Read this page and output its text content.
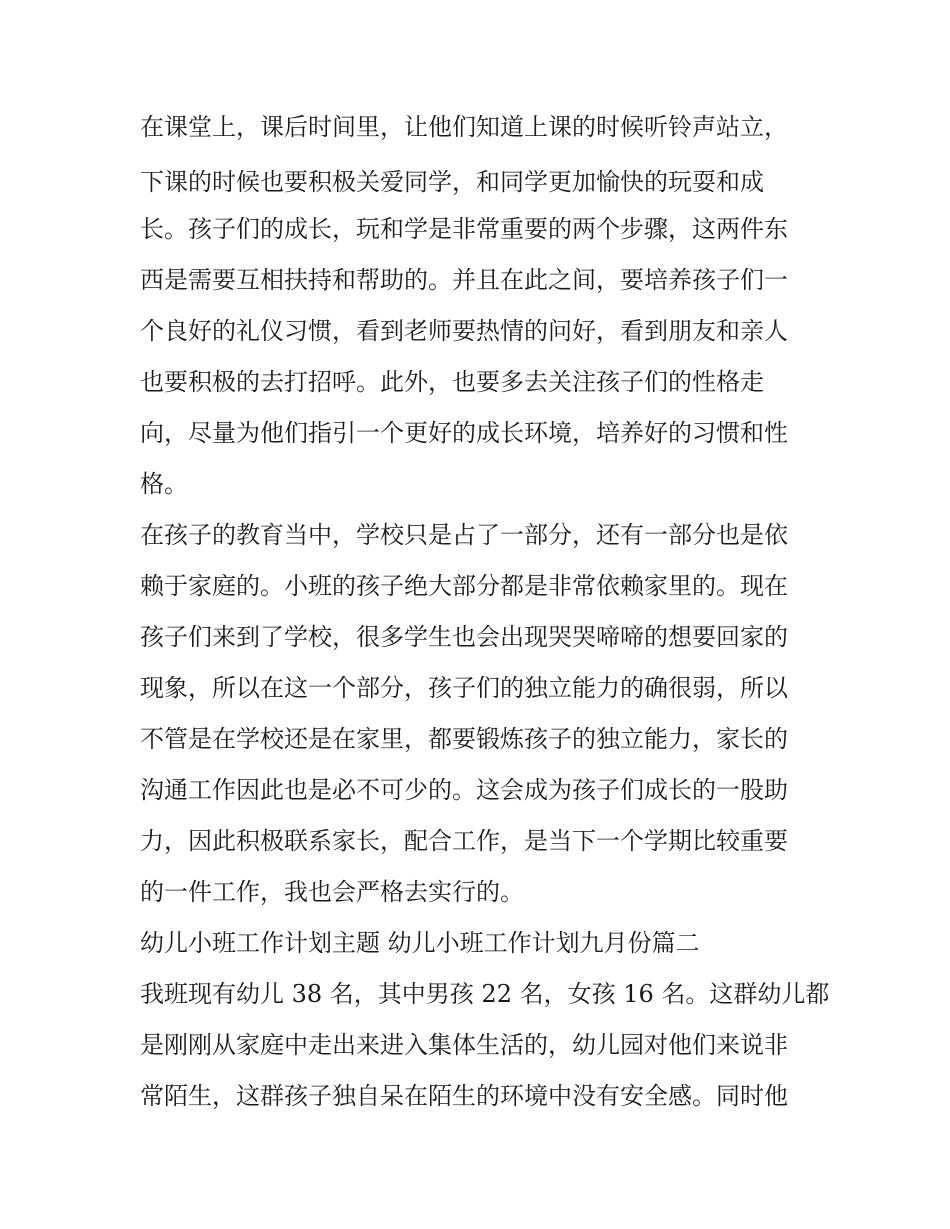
在课堂上，课后时间里，让他们知道上课的时候听铃声站立，
下课的时候也要积极关爱同学，和同学更加愉快的玩耍和成
长。孩子们的成长，玩和学是非常重要的两个步骤，这两件东
西是需要互相扶持和帮助的。并且在此之间，要培养孩子们一
个良好的礼仪习惯，看到老师要热情的问好，看到朋友和亲人
也要积极的去打招呼。此外，也要多去关注孩子们的性格走
向，尽量为他们指引一个更好的成长环境，培养好的习惯和性
格。
在孩子的教育当中，学校只是占了一部分，还有一部分也是依
赖于家庭的。小班的孩子绝大部分都是非常依赖家里的。现在
孩子们来到了学校，很多学生也会出现哭哭啼啼的想要回家的
现象，所以在这一个部分，孩子们的独立能力的确很弱，所以
不管是在学校还是在家里，都要锻炼孩子的独立能力，家长的
沟通工作因此也是必不可少的。这会成为孩子们成长的一股助
力，因此积极联系家长，配合工作，是当下一个学期比较重要
的一件工作，我也会严格去实行的。
幼儿小班工作计划主题 幼儿小班工作计划九月份篇二
我班现有幼儿 38 名，其中男孩 22 名，女孩 16 名。这群幼儿都
是刚刚从家庭中走出来进入集体生活的，幼儿园对他们来说非
常陌生，这群孩子独自呆在陌生的环境中没有安全感。同时他
